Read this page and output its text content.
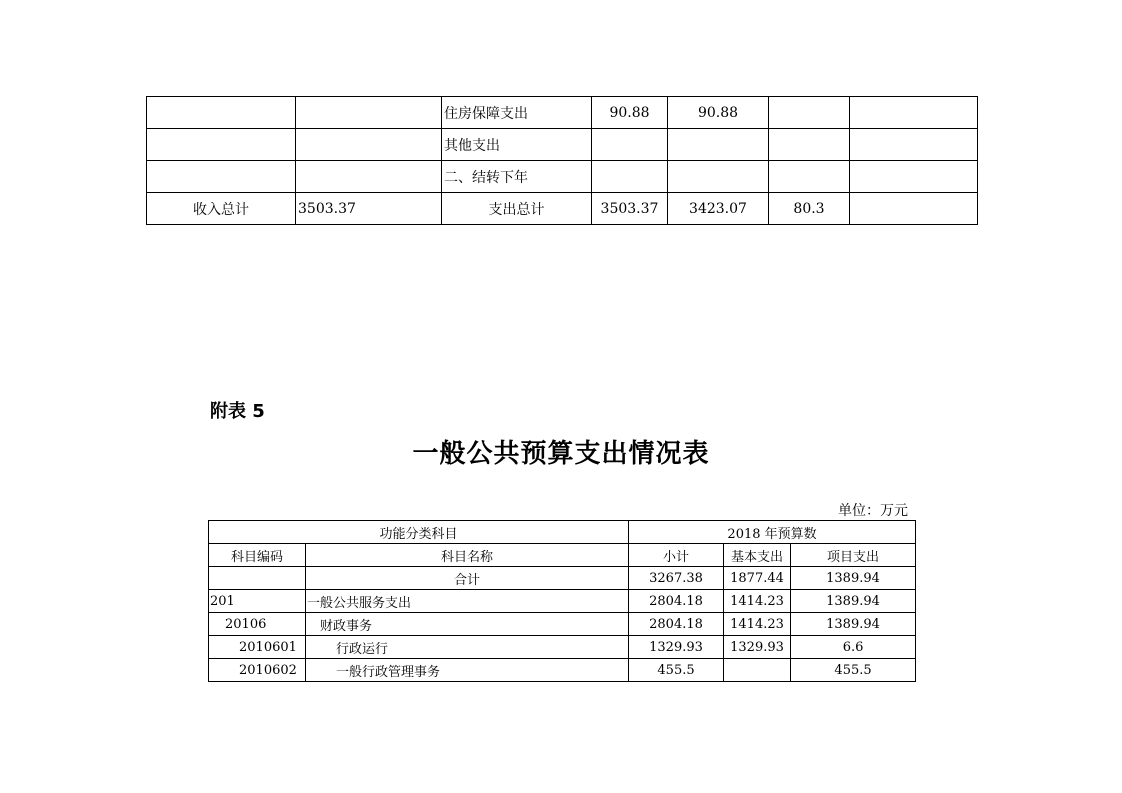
		住房保障支出	90.88	90.88		
		其他支出				
		二、结转下年				
收入总计	3503.37	支出总计	3503.37	3423.07	80.3	
附表 5
一般公共预算支出情况表
单位：万元
功能分类科目		2018 年预算数		
科目编码	科目名称	小计	基本支出	项目支出
	合计	3267.38	1877.44	1389.94
201	一般公共服务支出	2804.18	1414.23	1389.94
20106	财政事务	2804.18	1414.23	1389.94
2010601	行政运行	1329.93	1329.93	6.6
2010602	一般行政管理事务	455.5		455.5
